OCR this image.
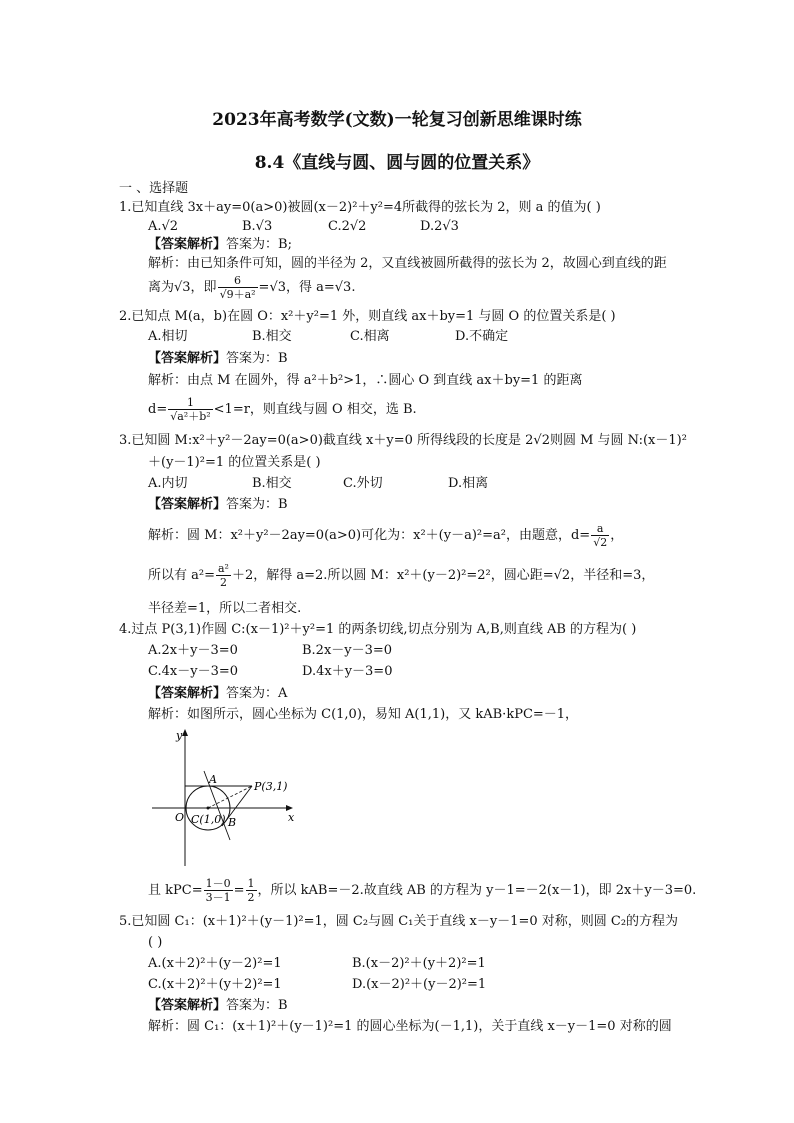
2023年高考数学(文数)一轮复习创新思维课时练
8.4《直线与圆、圆与圆的位置关系》
一 、选择题
1.已知直线 3x＋ay=0(a>0)被圆(x－2)²＋y²=4所截得的弦长为 2，则 a 的值为( )
A.√2	B.√3	C.2√2	D.2√3
【答案解析】答案为：B;
解析：由已知条件可知，圆的半径为 2，又直线被圆所截得的弦长为 2，故圆心到直线的距
离为√3，即 $\frac{6}{\text{√9＋a²}} =√3$，得 a=√3.
2.已知点 M(a，b)在圆 O：x²＋y²=1 外，则直线 ax＋by=1 与圆 O 的位置关系是( )
A.相切	B.相交	C.相离	D.不确定
【答案解析】答案为：B
解析：由点 M 在圆外，得 a²＋b²>1，∴圆心 O 到直线 ax＋by=1 的距离
$d= \frac{1}{\text{√a²＋b²}} <1=r$，则直线与圆 O 相交，选 B.
3.已知圆 M:x²＋y²－2ay=0(a>0)截直线 x＋y=0 所得线段的长度是 2√2则圆 M 与圆 N:(x－1)²
＋(y－1)²=1 的位置关系是( )
A.内切	B.相交	C.外切	D.相离
【答案解析】答案为：B
解析：圆 M：x²＋y²－2ay=0(a>0)可化为：x²＋(y－a)²=a²，由题意，$d= \frac{a}{√2}$ ，
所以有 $a^2= \frac{\text{a²}}{2} +2$，解得 a=2.所以圆 M：x²＋(y－2)²=2²，圆心距=√2，半径和=3，
半径差=1，所以二者相交.
4.过点 P(3,1)作圆 C:(x－1)²＋y²=1 的两条切线,切点分别为 A,B,则直线 AB 的方程为( )
A.2x＋y－3=0	B.2x－y－3=0
C.4x－y－3=0	D.4x＋y－3=0
【答案解析】答案为：A
解析：如图所示，圆心坐标为 C(1,0)，易知 A(1,1)，又 kAB·kPC=－1，
y
x
O
A
B
C(1,0)
P(3,1)
且 $kPC= \frac{1-0}{3-1} = \frac{1}{2}$ ，所以 kAB=－2.故直线 AB 的方程为 y－1=－2(x－1)，即 2x＋y－3=0.
5.已知圆 C₁：(x＋1)²＋(y－1)²=1，圆 C₂与圆 C₁关于直线 x－y－1=0 对称，则圆 C₂的方程为
( )
A.(x＋2)²＋(y－2)²=1	B.(x－2)²＋(y＋2)²=1
C.(x＋2)²＋(y＋2)²=1	D.(x－2)²＋(y－2)²=1
【答案解析】答案为：B
解析：圆 C₁：(x＋1)²＋(y－1)²=1 的圆心坐标为(－1,1)，关于直线 x－y－1=0 对称的圆
